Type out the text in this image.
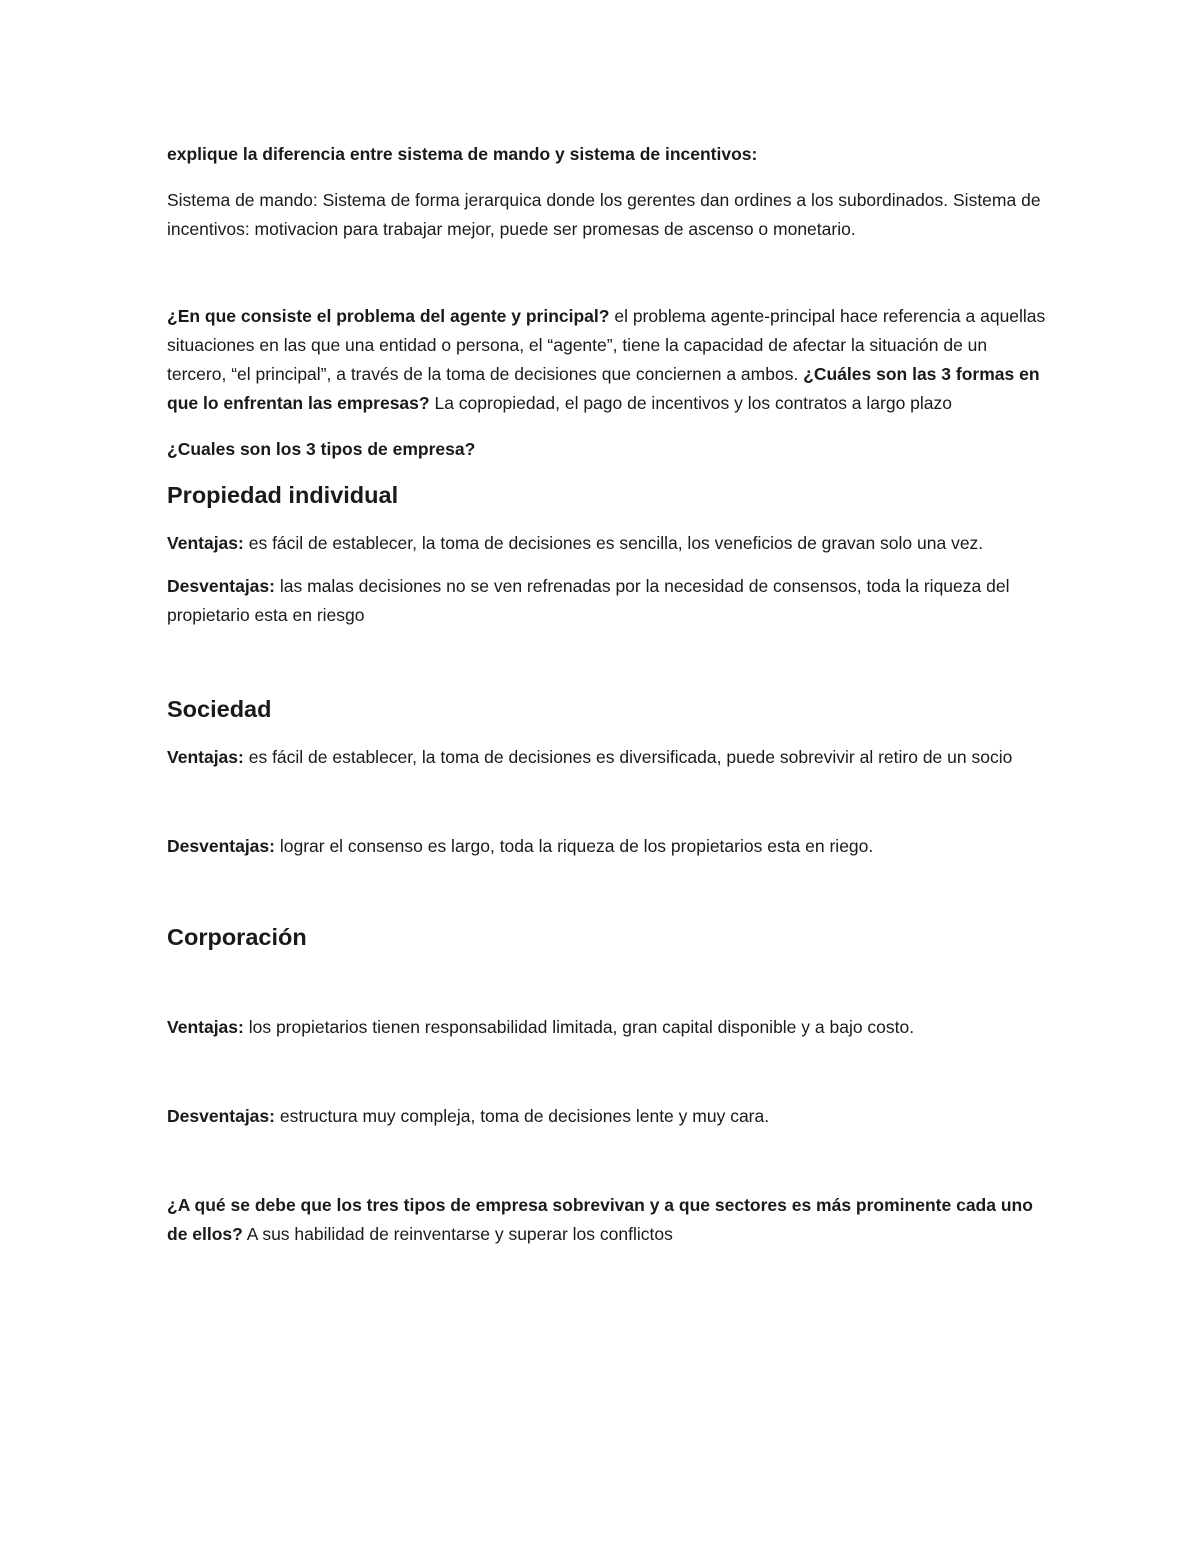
explique la diferencia entre sistema de mando y sistema de incentivos:

Sistema de mando: Sistema de forma jerarquica donde los gerentes dan ordines a los subordinados. Sistema de incentivos: motivacion para trabajar mejor, puede ser promesas de ascenso o monetario.

¿En que consiste el problema del agente y principal? el problema agente-principal hace referencia a aquellas situaciones en las que una entidad o persona, el “agente”, tiene la capacidad de afectar la situación de un tercero, “el principal”, a través de la toma de decisiones que conciernen a ambos. ¿Cuáles son las 3 formas en que lo enfrentan las empresas? La copropiedad, el pago de incentivos y los contratos a largo plazo

¿Cuales son los 3 tipos de empresa?

Propiedad individual

Ventajas: es fácil de establecer, la toma de decisiones es sencilla, los veneficios de gravan solo una vez.

Desventajas: las malas decisiones no se ven refrenadas por la necesidad de consensos, toda la riqueza del propietario esta en riesgo

Sociedad

Ventajas: es fácil de establecer, la toma de decisiones es diversificada, puede sobrevivir al retiro de un socio

Desventajas: lograr el consenso es largo, toda la riqueza de los propietarios esta en riego.

Corporación

Ventajas: los propietarios tienen responsabilidad limitada, gran capital disponible y a bajo costo.

Desventajas: estructura muy compleja, toma de decisiones lente y muy cara.

¿A qué se debe que los tres tipos de empresa sobrevivan y a que sectores es más prominente cada uno de ellos? A sus habilidad de reinventarse y superar los conflictos
